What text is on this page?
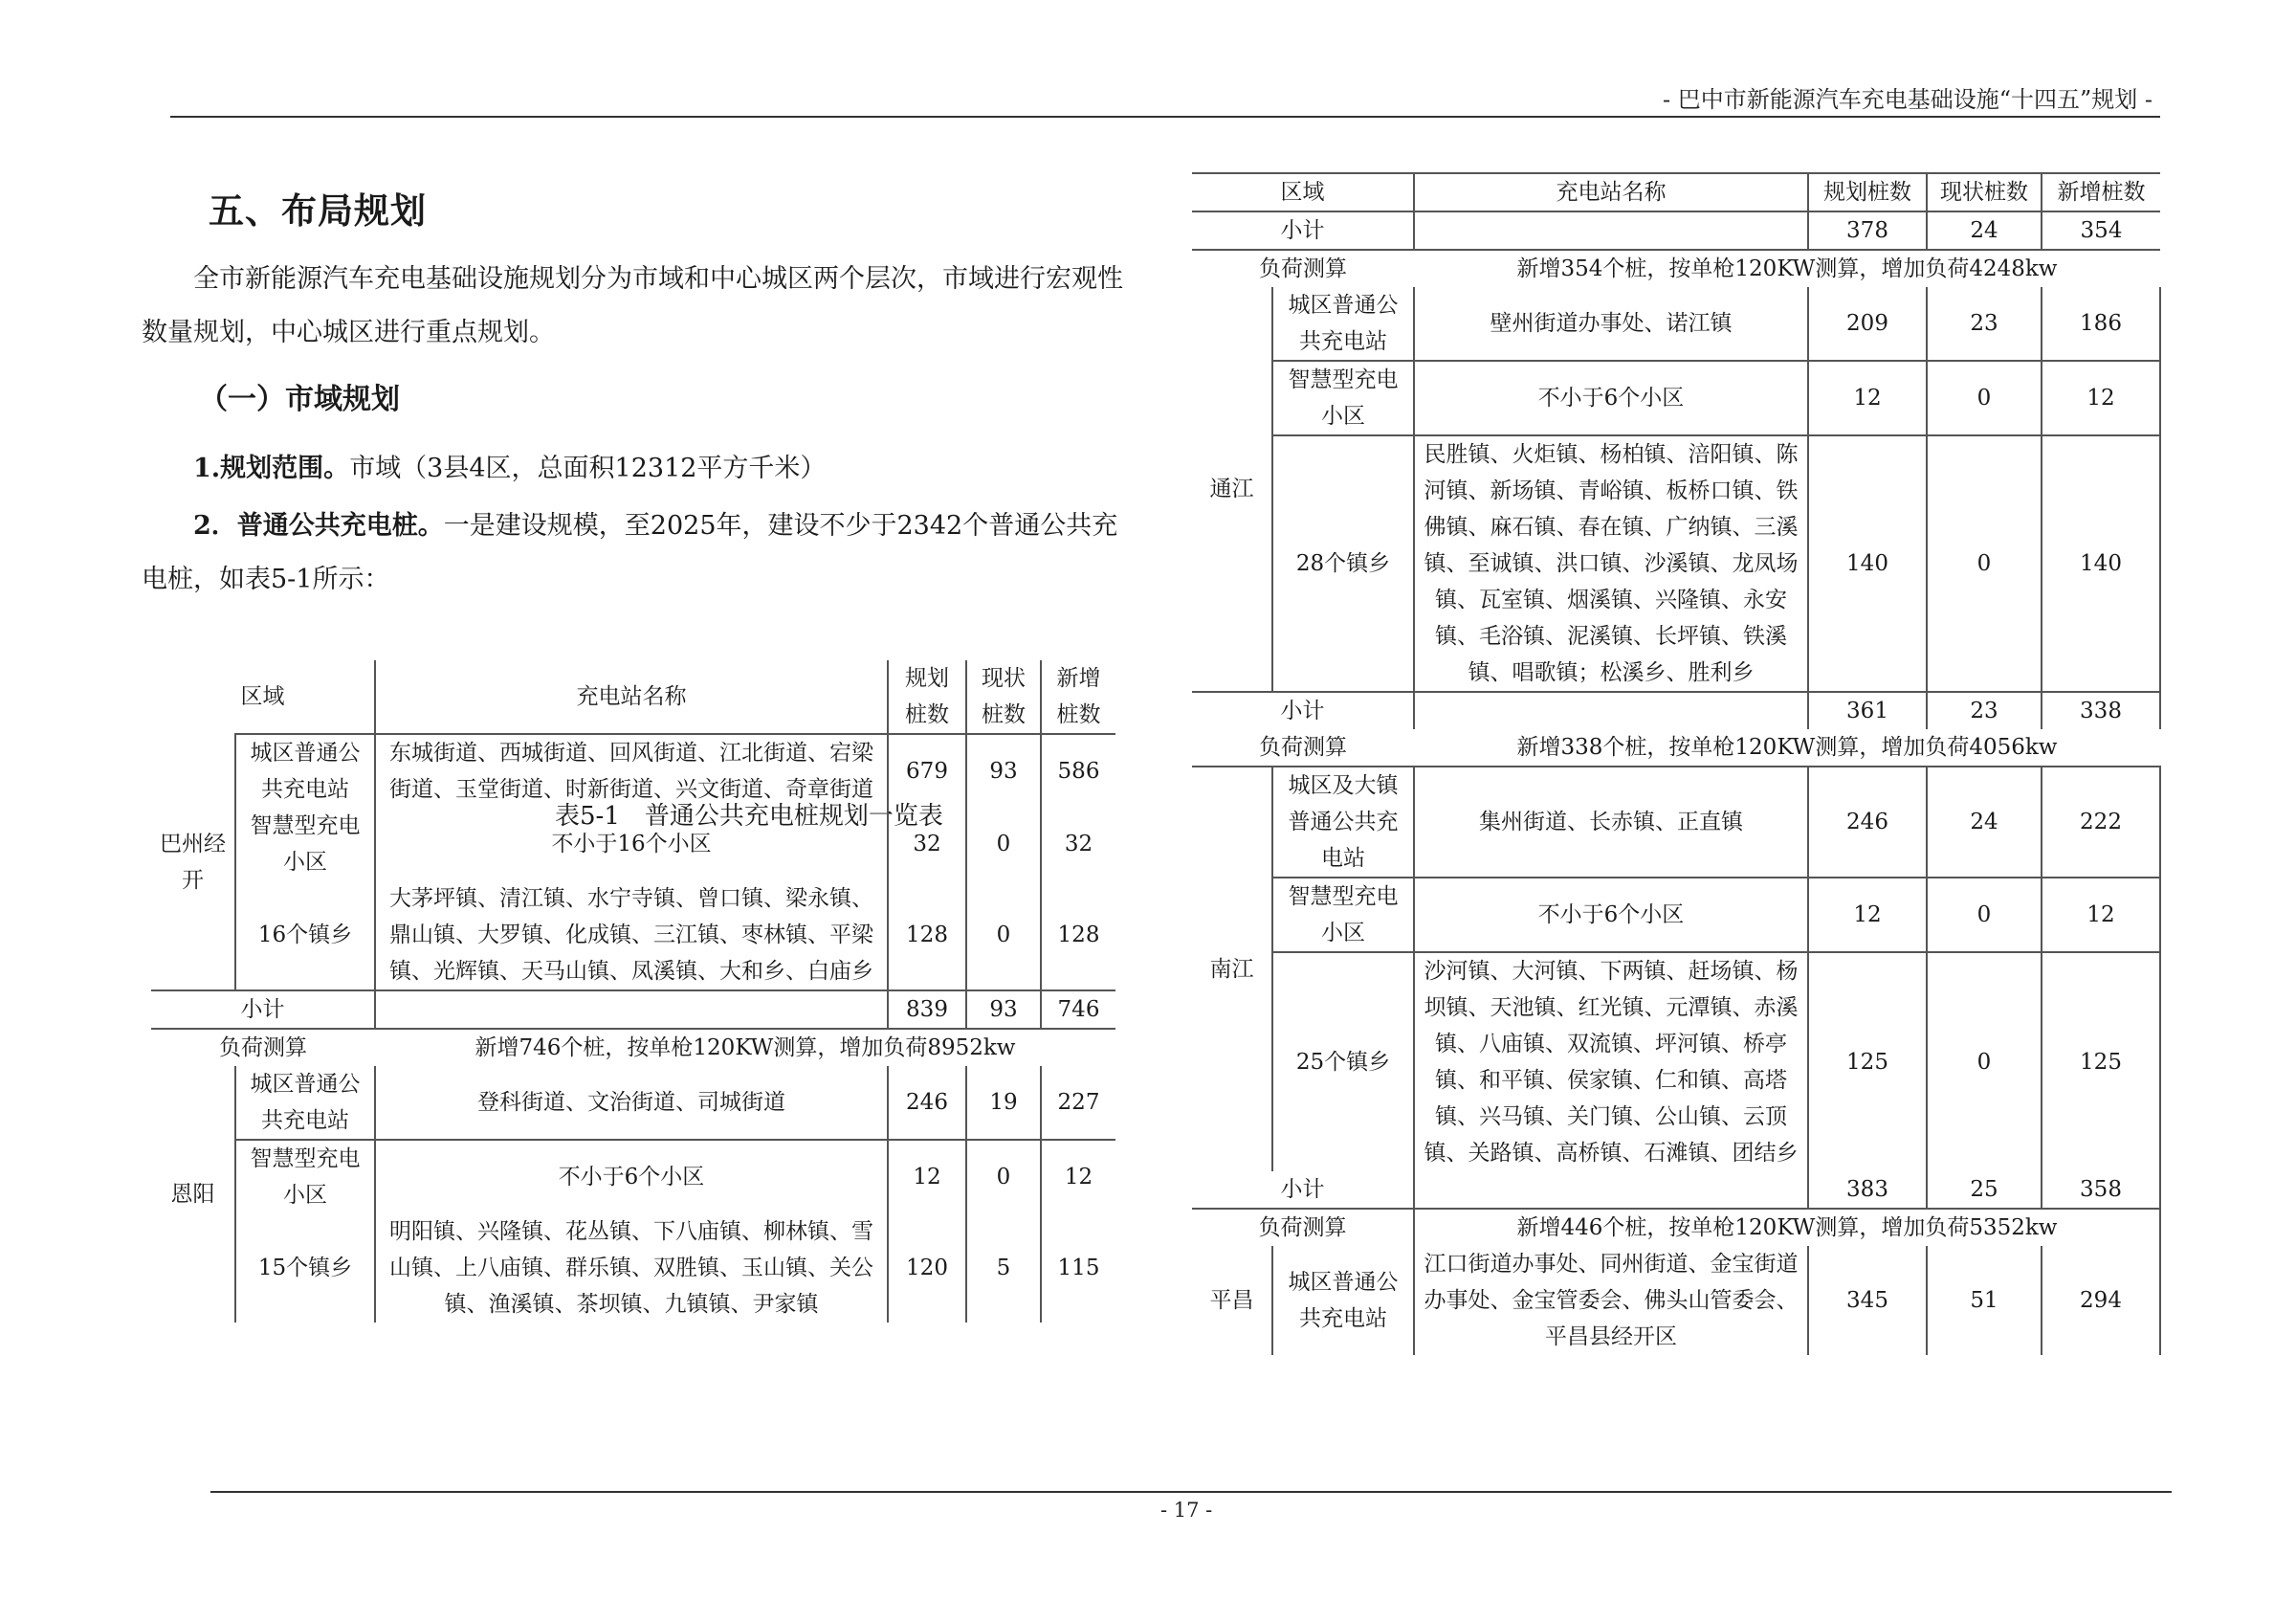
- 巴中市新能源汽车充电基础设施“十四五”规划 -
五、布局规划
全市新能源汽车充电基础设施规划分为市域和中心城区两个层次，市域进行宏观性数量规划，中心城区进行重点规划。
（一）市域规划
1.规划范围。市域（3县4区，总面积12312平方千米）
2．普通公共充电桩。一是建设规模，至2025年，建设不少于2342个普通公共充电桩，如表5-1所示：
表5-1　普通公共充电桩规划一览表
区域		充电站名称	规划桩数	现状桩数	新增桩数
巴州经开	城区普通公共充电站	东城街道、西城街道、回风街道、江北街道、宕梁街道、玉堂街道、时新街道、兴文街道、奇章街道	679	93	586
	智慧型充电小区	不小于16个小区	32	0	32
	16个镇乡	大茅坪镇、清江镇、水宁寺镇、曾口镇、梁永镇、鼎山镇、大罗镇、化成镇、三江镇、枣林镇、平梁镇、光辉镇、天马山镇、凤溪镇、大和乡、白庙乡	128	0	128
小计			839	93	746
负荷测算		新增746个桩，按单枪120KW测算，增加负荷8952kw			
恩阳	城区普通公共充电站	登科街道、文治街道、司城街道	246	19	227
	智慧型充电小区	不小于6个小区	12	0	12
	15个镇乡	明阳镇、兴隆镇、花丛镇、下八庙镇、柳林镇、雪山镇、上八庙镇、群乐镇、双胜镇、玉山镇、关公镇、渔溪镇、茶坝镇、九镇镇、尹家镇	120	5	115
区域		充电站名称	规划桩数	现状桩数	新增桩数
小计			378	24	354
负荷测算		新增354个桩，按单枪120KW测算，增加负荷4248kw			
通江	城区普通公共充电站	壁州街道办事处、诺江镇	209	23	186
	智慧型充电小区	不小于6个小区	12	0	12
	28个镇乡	民胜镇、火炬镇、杨柏镇、涪阳镇、陈河镇、新场镇、青峪镇、板桥口镇、铁佛镇、麻石镇、春在镇、广纳镇、三溪镇、至诚镇、洪口镇、沙溪镇、龙凤场镇、瓦室镇、烟溪镇、兴隆镇、永安镇、毛浴镇、泥溪镇、长坪镇、铁溪镇、唱歌镇；松溪乡、胜利乡	140	0	140
小计			361	23	338
负荷测算		新增338个桩，按单枪120KW测算，增加负荷4056kw			
南江	城区及大镇普通公共充电站	集州街道、长赤镇、正直镇	246	24	222
	智慧型充电小区	不小于6个小区	12	0	12
	25个镇乡	沙河镇、大河镇、下两镇、赶场镇、杨坝镇、天池镇、红光镇、元潭镇、赤溪镇、八庙镇、双流镇、坪河镇、桥亭镇、和平镇、侯家镇、仁和镇、高塔镇、兴马镇、关门镇、公山镇、云顶镇、关路镇、高桥镇、石滩镇、团结乡	125	0	125
小计			383	25	358
负荷测算		新增446个桩，按单枪120KW测算，增加负荷5352kw			
平昌	城区普通公共充电站	江口街道办事处、同州街道、金宝街道办事处、金宝管委会、佛头山管委会、平昌县经开区	345	51	294
- 17 -
